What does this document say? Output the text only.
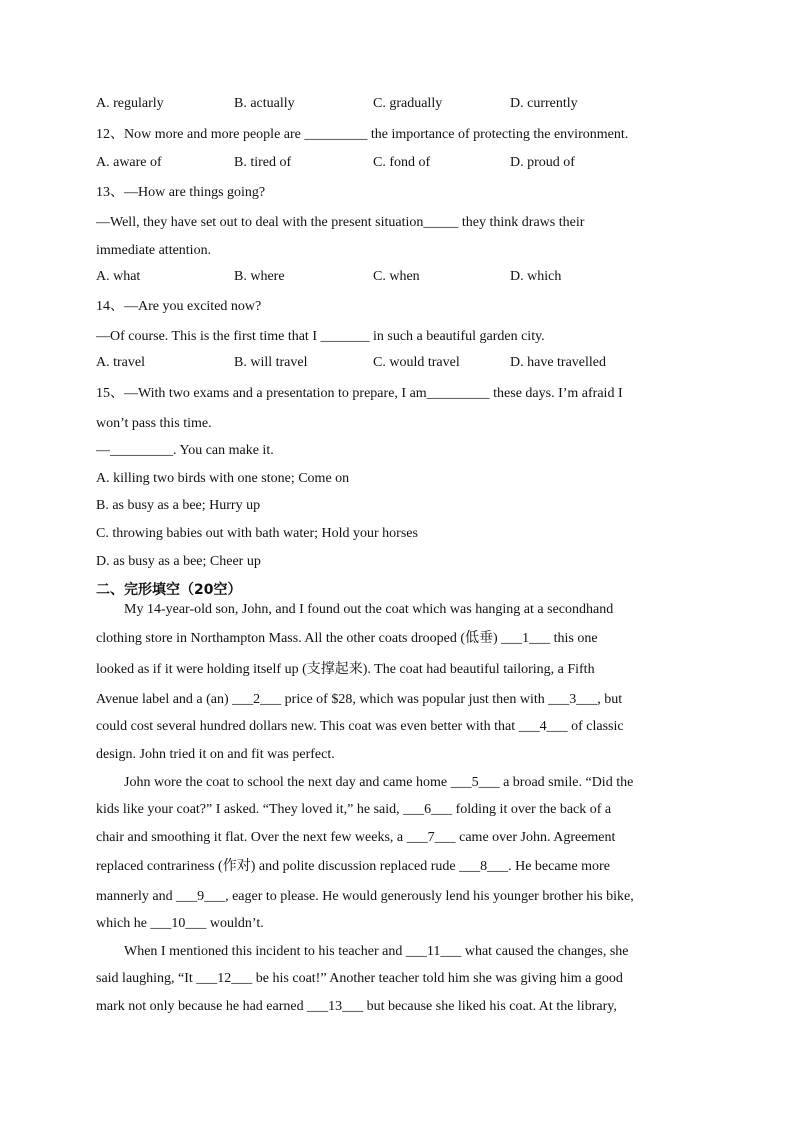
A. regularly	B. actually	C. gradually	D. currently
12、Now more and more people are _________ the importance of protecting the environment.
A. aware of	B. tired of	C. fond of	D. proud of
13、—How are things going?
—Well, they have set out to deal with the present situation_____ they think draws their
immediate attention.
A. what	B. where	C. when	D. which
14、—Are you excited now?
—Of course. This is the first time that I _______ in such a beautiful garden city.
A. travel	B. will travel	C. would travel	D. have travelled
15、—With two exams and a presentation to prepare, I am_________ these days. I’m afraid I
won’t pass this time.
—_________. You can make it.
A. killing two birds with one stone; Come on
B. as busy as a bee; Hurry up
C. throwing babies out with bath water; Hold your horses
D. as busy as a bee; Cheer up
二、完形填空（20空）
My 14-year-old son, John, and I found out the coat which was hanging at a secondhand
clothing store in Northampton Mass. All the other coats drooped (低垂) ___1___ this one
looked as if it were holding itself up (支撑起来). The coat had beautiful tailoring, a Fifth
Avenue label and a (an) ___2___ price of $28, which was popular just then with ___3___, but
could cost several hundred dollars new. This coat was even better with that ___4___ of classic
design. John tried it on and fit was perfect.
John wore the coat to school the next day and came home ___5___ a broad smile. “Did the
kids like your coat?” I asked. “They loved it,” he said, ___6___ folding it over the back of a
chair and smoothing it flat. Over the next few weeks, a ___7___ came over John. Agreement
replaced contrariness (作对) and polite discussion replaced rude ___8___. He became more
mannerly and ___9___, eager to please. He would generously lend his younger brother his bike,
which he ___10___ wouldn’t.
When I mentioned this incident to his teacher and ___11___ what caused the changes, she
said laughing, “It ___12___ be his coat!” Another teacher told him she was giving him a good
mark not only because he had earned ___13___ but because she liked his coat. At the library,
